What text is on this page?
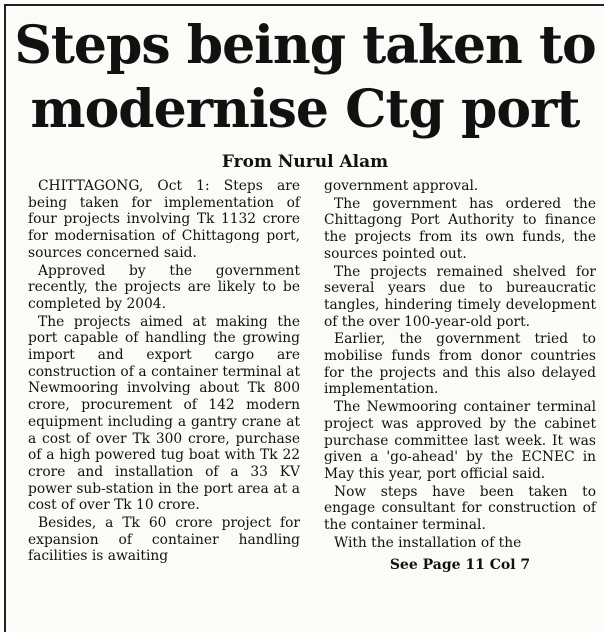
Steps being taken to
modernise Ctg port
From Nurul Alam

CHITTAGONG, Oct 1: Steps are being taken for implementation of four projects involving Tk 1132 crore for modernisation of Chittagong port, sources concerned said.

Approved by the government recently, the projects are likely to be completed by 2004.

The projects aimed at making the port capable of handling the growing import and export cargo are construction of a container terminal at Newmooring involving about Tk 800 crore, procurement of 142 modern equipment including a gantry crane at a cost of over Tk 300 crore, purchase of a high powered tug boat with Tk 22 crore and installation of a 33 KV power sub-station in the port area at a cost of over Tk 10 crore.

Besides, a Tk 60 crore project for expansion of container handling facilities is awaiting

government approval.

The government has ordered the Chittagong Port Authority to finance the projects from its own funds, the sources pointed out.

The projects remained shelved for several years due to bureaucratic tangles, hindering timely development of the over 100-year-old port.

Earlier, the government tried to mobilise funds from donor countries for the projects and this also delayed implementation.

The Newmooring container terminal project was approved by the cabinet purchase committee last week. It was given a 'go-ahead' by the ECNEC in May this year, port official said.

Now steps have been taken to engage consultant for construction of the container terminal.

With the installation of the

See Page 11 Col 7
